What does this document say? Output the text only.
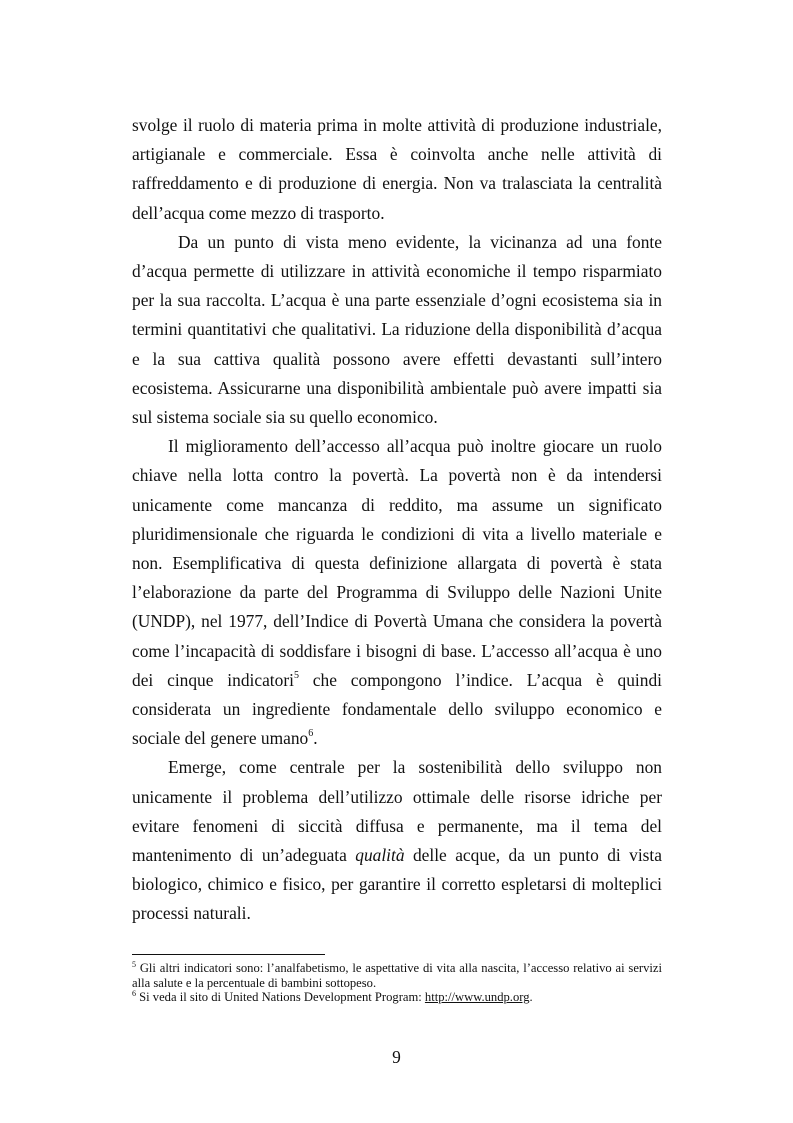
svolge il ruolo di materia prima in molte attività di produzione industriale, artigianale e commerciale. Essa è coinvolta anche nelle attività di raffreddamento e di produzione di energia. Non va tralasciata la centralità dell’acqua come mezzo di trasporto.

Da un punto di vista meno evidente, la vicinanza ad una fonte d’acqua permette di utilizzare in attività economiche il tempo risparmiato per la sua raccolta. L’acqua è una parte essenziale d’ogni ecosistema sia in termini quantitativi che qualitativi. La riduzione della disponibilità d’acqua e la sua cattiva qualità possono avere effetti devastanti sull’intero ecosistema. Assicurarne una disponibilità ambientale può avere impatti sia sul sistema sociale sia su quello economico.

Il miglioramento dell’accesso all’acqua può inoltre giocare un ruolo chiave nella lotta contro la povertà. La povertà non è da intendersi unicamente come mancanza di reddito, ma assume un significato pluridimensionale che riguarda le condizioni di vita a livello materiale e non. Esemplificativa di questa definizione allargata di povertà è stata l’elaborazione da parte del Programma di Sviluppo delle Nazioni Unite (UNDP), nel 1977, dell’Indice di Povertà Umana che considera la povertà come l’incapacità di soddisfare i bisogni di base. L’accesso all’acqua è uno dei cinque indicatori$^5$ che compongono l’indice. L’acqua è quindi considerata un ingrediente fondamentale dello sviluppo economico e sociale del genere umano$^6$.

Emerge, come centrale per la sostenibilità dello sviluppo non unicamente il problema dell’utilizzo ottimale delle risorse idriche per evitare fenomeni di siccità diffusa e permanente, ma il tema del mantenimento di un’adeguata qualità delle acque, da un punto di vista biologico, chimico e fisico, per garantire il corretto espletarsi di molteplici processi naturali.

$^5$ Gli altri indicatori sono: l’analfabetismo, le aspettative di vita alla nascita, l’accesso relativo ai servizi alla salute e la percentuale di bambini sottopeso.

$^6$ Si veda il sito di United Nations Development Program: http://www.undp.org.

9
